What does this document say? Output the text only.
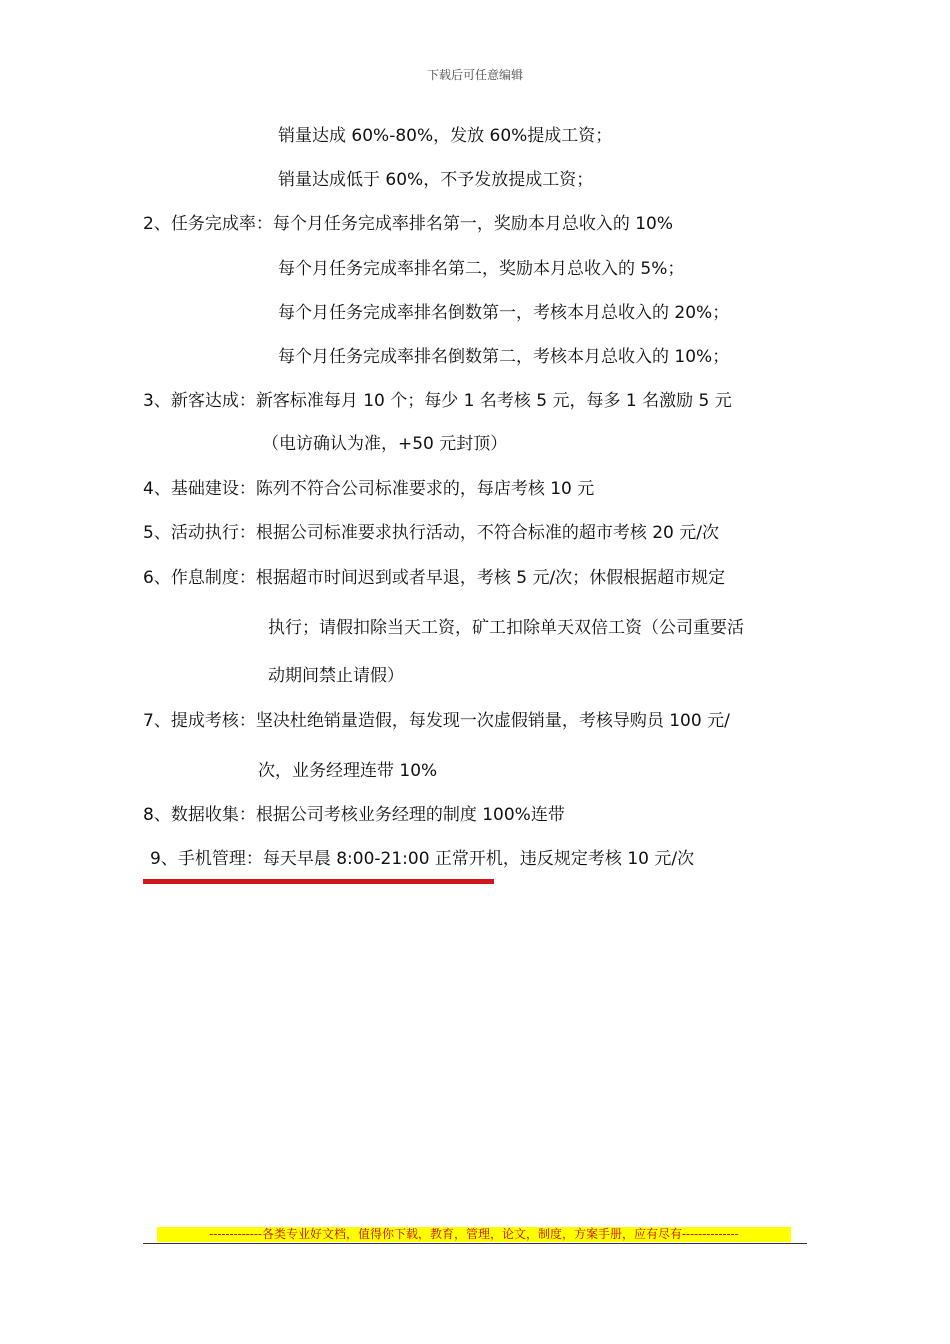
下载后可任意编辑
销量达成 60%-80%，发放 60%提成工资；
销量达成低于 60%，不予发放提成工资；
2、任务完成率：每个月任务完成率排名第一，奖励本月总收入的 10%
每个月任务完成率排名第二，奖励本月总收入的 5%；
每个月任务完成率排名倒数第一，考核本月总收入的 20%；
每个月任务完成率排名倒数第二，考核本月总收入的 10%；
3、新客达成：新客标准每月 10 个；每少 1 名考核 5 元，每多 1 名激励 5 元
（电访确认为准，+50 元封顶）
4、基础建设：陈列不符合公司标准要求的，每店考核 10 元
5、活动执行：根据公司标准要求执行活动，不符合标准的超市考核 20 元/次
6、作息制度：根据超市时间迟到或者早退，考核 5 元/次；休假根据超市规定
执行；请假扣除当天工资，矿工扣除单天双倍工资（公司重要活
动期间禁止请假）
7、提成考核：坚决杜绝销量造假，每发现一次虚假销量，考核导购员 100 元/
次，业务经理连带 10%
8、数据收集：根据公司考核业务经理的制度 100%连带
9、手机管理：每天早晨 8:00-21:00 正常开机，违反规定考核 10 元/次
-------------各类专业好文档，值得你下载，教育，管理，论文，制度，方案手册，应有尽有--------------
